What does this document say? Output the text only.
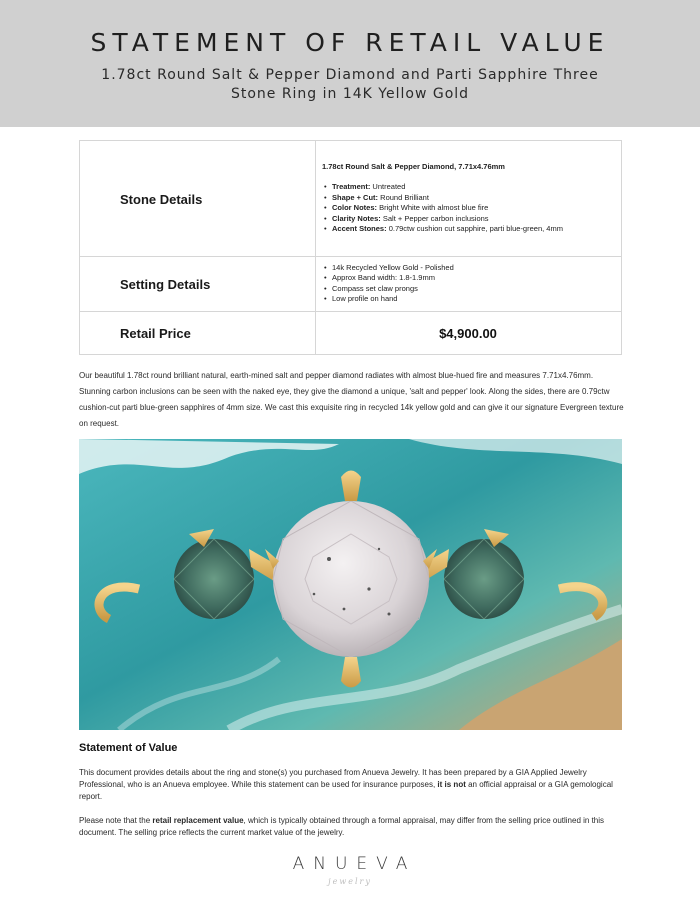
STATEMENT OF RETAIL VALUE
1.78ct Round Salt & Pepper Diamond and Parti Sapphire Three Stone Ring in 14K Yellow Gold
Stone Details
1.78ct Round Salt & Pepper Diamond, 7.71x4.76mm
• Treatment: Untreated
• Shape + Cut: Round Brilliant
• Color Notes: Bright White with almost blue fire
• Clarity Notes: Salt + Pepper carbon inclusions
• Accent Stones: 0.79ctw cushion cut sapphire, parti blue-green, 4mm
Setting Details
• 14k Recycled Yellow Gold - Polished
• Approx Band width: 1.8-1.9mm
• Compass set claw prongs
• Low profile on hand
Retail Price	$4,900.00
Our beautiful 1.78ct round brilliant natural, earth-mined salt and pepper diamond radiates with almost blue-hued fire and measures 7.71x4.76mm. Stunning carbon inclusions can be seen with the naked eye, they give the diamond a unique, 'salt and pepper' look. Along the sides, there are 0.79ctw cushion-cut parti blue-green sapphires of 4mm size. We cast this exquisite ring in recycled 14k yellow gold and can give it our signature Evergreen texture on request.
Statement of Value
This document provides details about the ring and stone(s) you purchased from Anueva Jewelry. It has been prepared by a GIA Applied Jewelry Professional, who is an Anueva employee. While this statement can be used for insurance purposes, it is not an official appraisal or a GIA gemological report.
Please note that the retail replacement value, which is typically obtained through a formal appraisal, may differ from the selling price outlined in this document. The selling price reflects the current market value of the jewelry.
ANUEVA
jewelry
